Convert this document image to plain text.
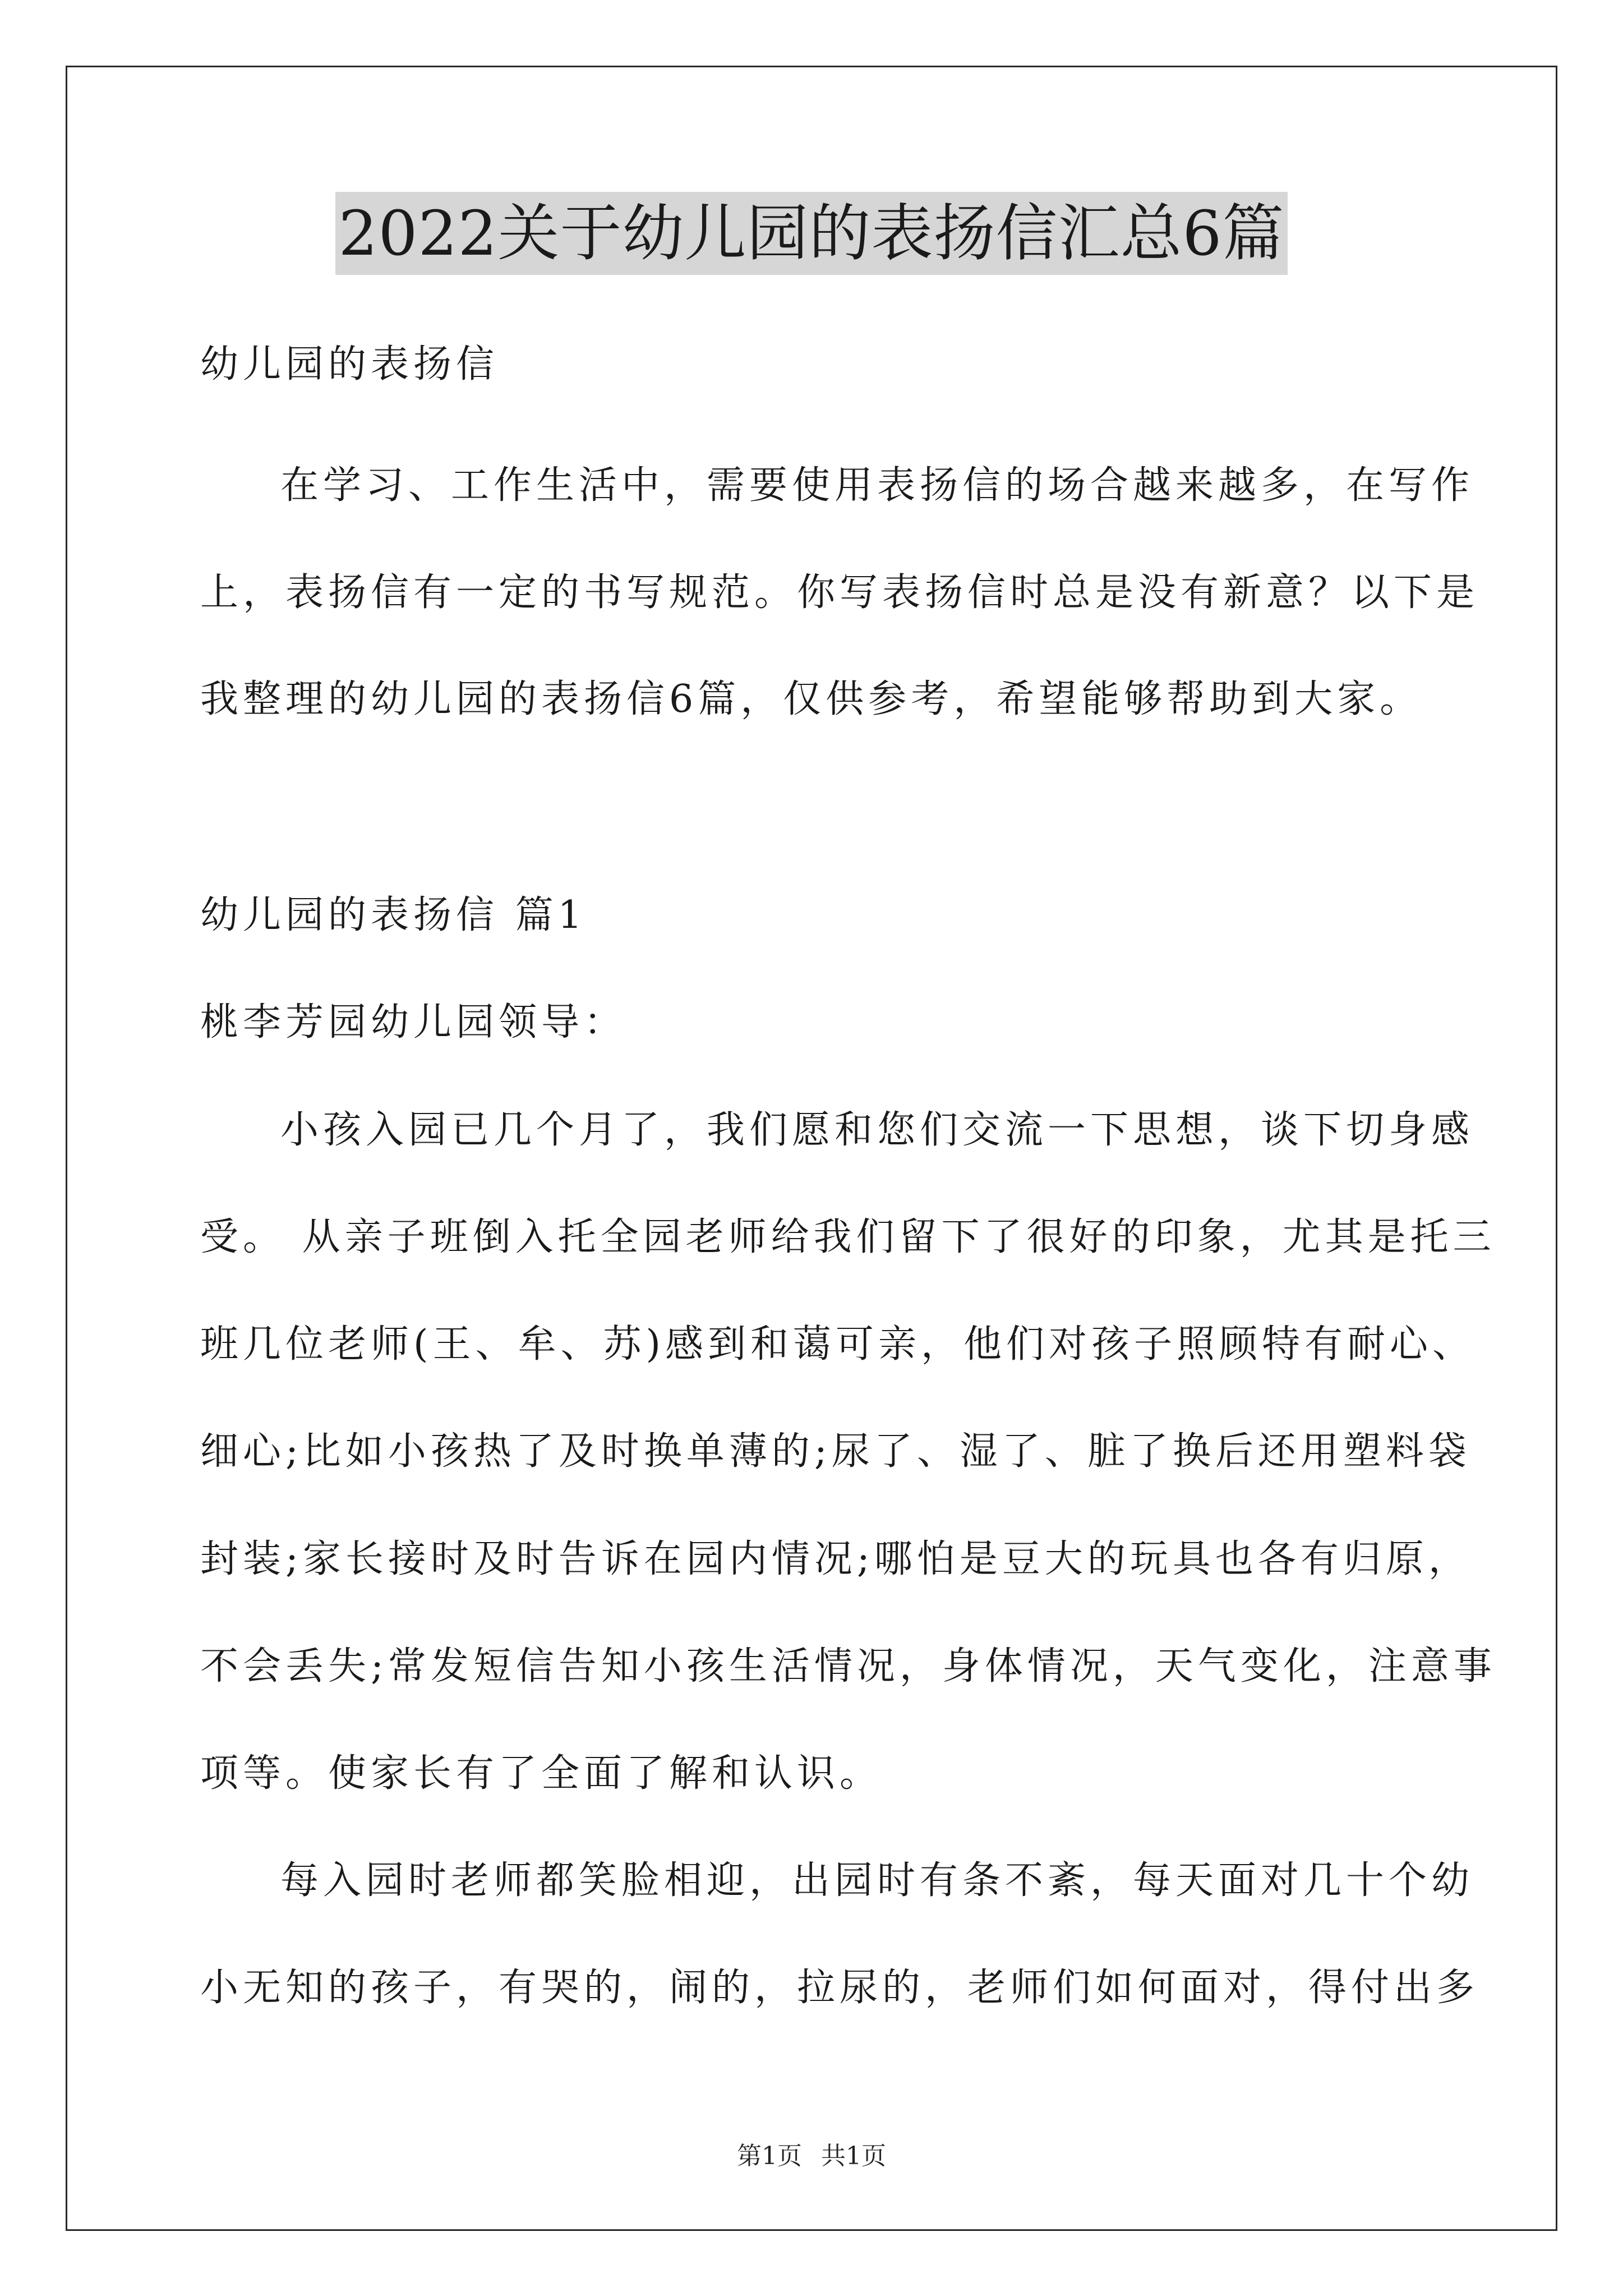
2022关于幼儿园的表扬信汇总6篇
幼儿园的表扬信
在学习、工作生活中，需要使用表扬信的场合越来越多，在写作
上，表扬信有一定的书写规范。你写表扬信时总是没有新意？以下是
我整理的幼儿园的表扬信6篇，仅供参考，希望能够帮助到大家。
幼儿园的表扬信 篇1
桃李芳园幼儿园领导：
小孩入园已几个月了，我们愿和您们交流一下思想，谈下切身感
受。 从亲子班倒入托全园老师给我们留下了很好的印象，尤其是托三
班几位老师(王、牟、苏)感到和蔼可亲，他们对孩子照顾特有耐心、
细心;比如小孩热了及时换单薄的;尿了、湿了、脏了换后还用塑料袋
封装;家长接时及时告诉在园内情况;哪怕是豆大的玩具也各有归原，
不会丢失;常发短信告知小孩生活情况，身体情况，天气变化，注意事
项等。使家长有了全面了解和认识。
每入园时老师都笑脸相迎，出园时有条不紊，每天面对几十个幼
小无知的孩子，有哭的，闹的，拉尿的，老师们如何面对，得付出多
第1页 共1页
